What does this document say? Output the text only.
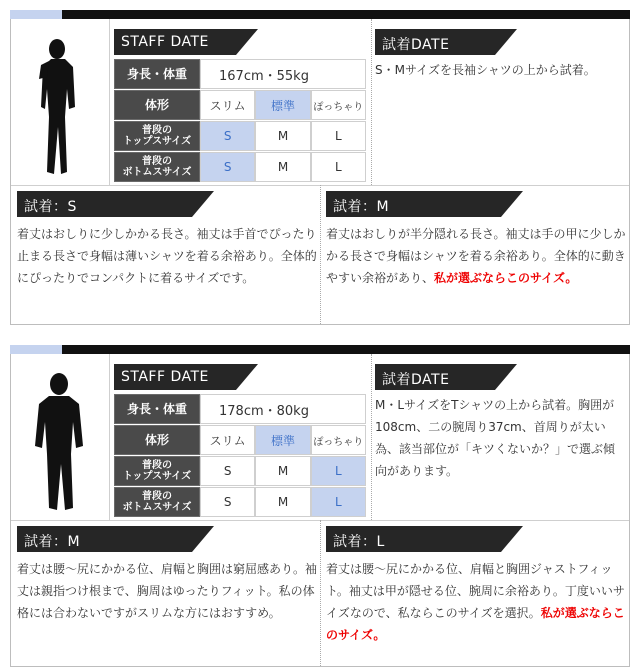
STAFF DATE
身長・体重	167cm・55kg
体形	スリム	標準	ぽっちゃり
普段の
トップスサイズ	S	M	L
普段の
ボトムスサイズ	S	M	L
試着DATE
S・Mサイズを長袖シャツの上から試着。
試着：S
着丈はおしりに少しかかる長さ。袖丈は手首でぴったり止まる長さで身幅は薄いシャツを着る余裕あり。全体的にぴったりでコンパクトに着るサイズです。
試着：M
着丈はおしりが半分隠れる長さ。袖丈は手の甲に少しかかる長さで身幅はシャツを着る余裕あり。全体的に動きやすい余裕があり、私が選ぶならこのサイズ。
STAFF DATE
身長・体重	178cm・80kg
体形	スリム	標準	ぽっちゃり
普段の
トップスサイズ	S	M	L
普段の
ボトムスサイズ	S	M	L
試着DATE
M・LサイズをTシャツの上から試着。胸囲が108cm、二の腕周り37cm、首周りが太い為、該当部位が「キツくないか？」で選ぶ傾向があります。
試着：M
着丈は腰〜尻にかかる位、肩幅と胸囲は窮屈感あり。袖丈は親指つけ根まで、胸周はゆったりフィット。私の体格には合わないですがスリムな方にはおすすめ。
試着：L
着丈は腰〜尻にかかる位、肩幅と胸囲ジャストフィット。袖丈は甲が隠せる位、腕周に余裕あり。丁度いいサイズなので、私ならこのサイズを選択。私が選ぶならこのサイズ。
